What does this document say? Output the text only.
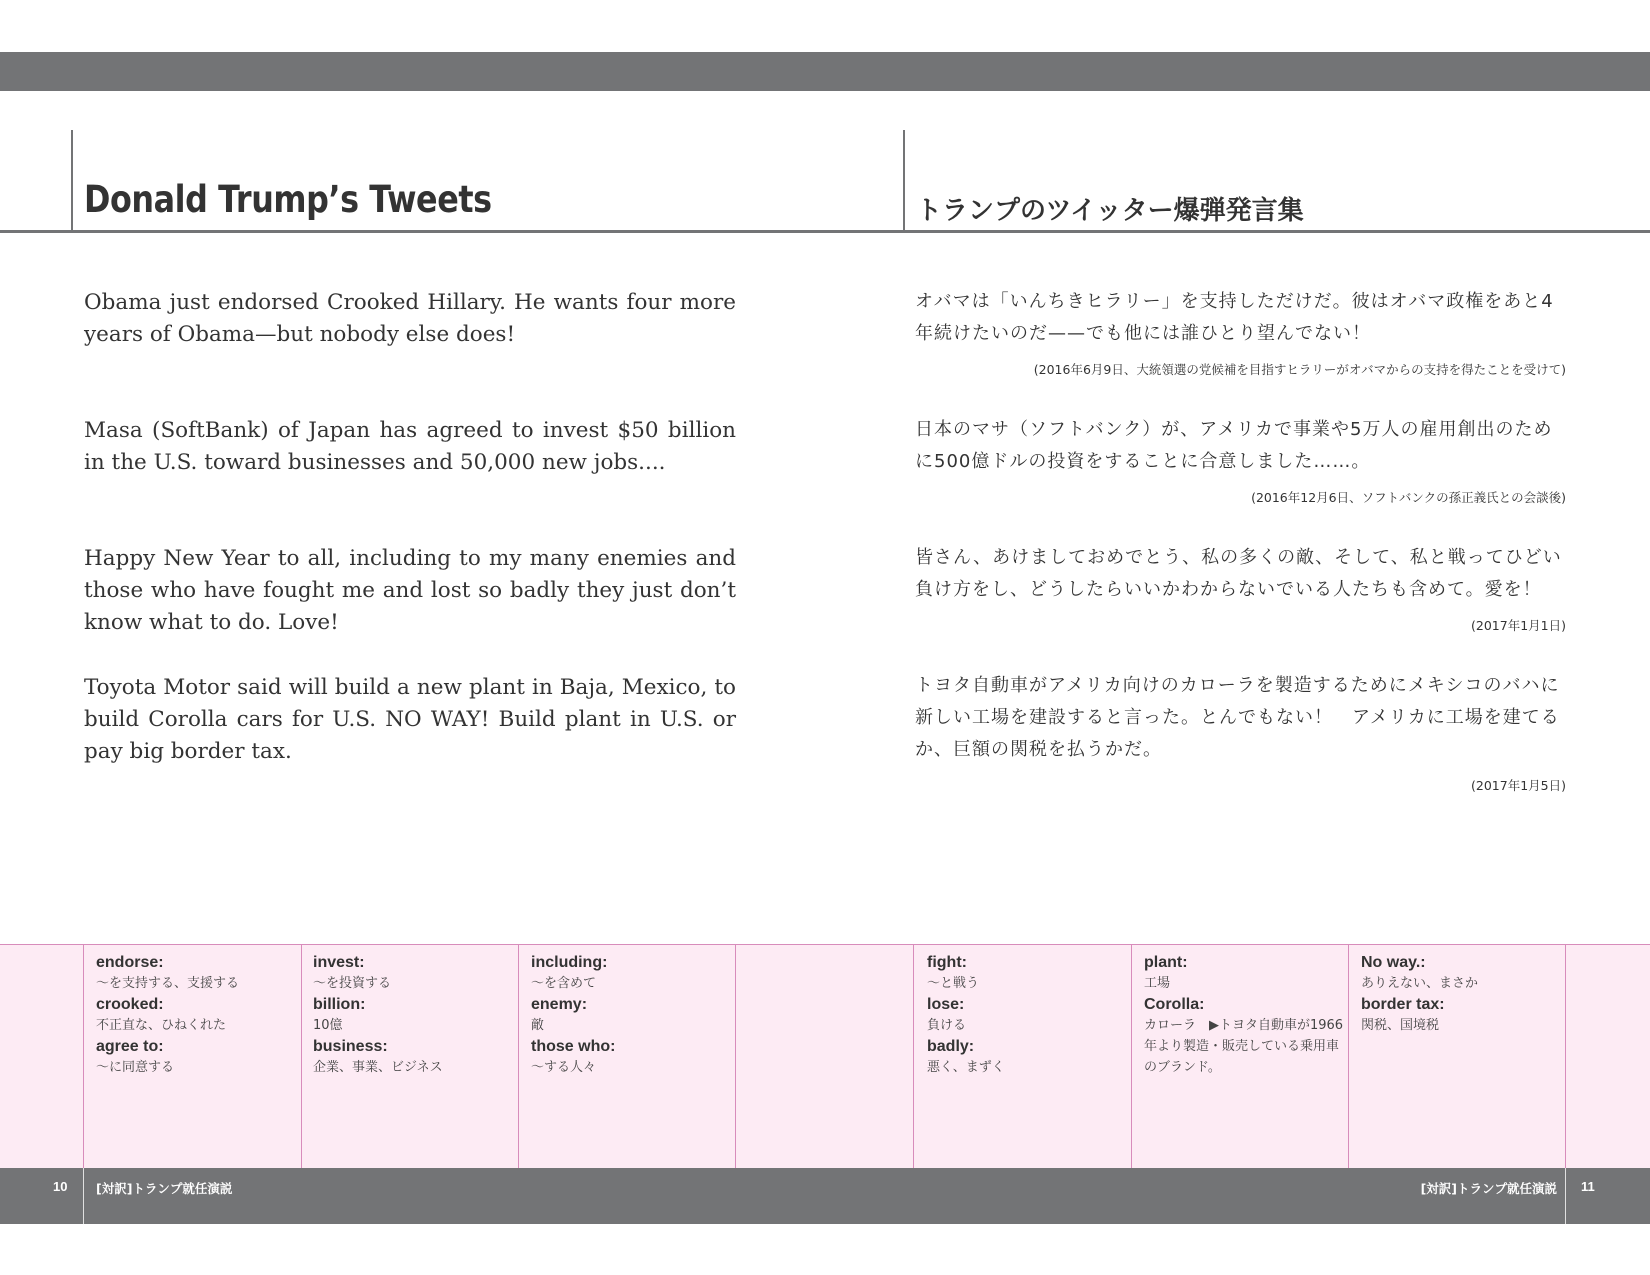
Donald Trump’s Tweets	トランプのツイッター爆弾発言集
Obama just endorsed Crooked Hillary. He wants four more years of Obama—but nobody else does!
Masa (SoftBank) of Japan has agreed to invest $50 billion in the U.S. toward businesses and 50,000 new jobs....
Happy New Year to all, including to my many enemies and those who have fought me and lost so badly they just don’t know what to do. Love!
Toyota Motor said will build a new plant in Baja, Mexico, to build Corolla cars for U.S. NO WAY! Build plant in U.S. or pay big border tax.
オバマは「いんちきヒラリー」を支持しただけだ。彼はオバマ政権をあと4年続けたいのだ——でも他には誰ひとり望んでない！
(2016年6月9日、大統領選の党候補を目指すヒラリーがオバマからの支持を得たことを受けて)
日本のマサ（ソフトバンク）が、アメリカで事業や5万人の雇用創出のために500億ドルの投資をすることに合意しました……。
(2016年12月6日、ソフトバンクの孫正義氏との会談後)
皆さん、あけましておめでとう、私の多くの敵、そして、私と戦ってひどい負け方をし、どうしたらいいかわからないでいる人たちも含めて。愛を！
(2017年1月1日)
トヨタ自動車がアメリカ向けのカローラを製造するためにメキシコのバハに新しい工場を建設すると言った。とんでもない！　アメリカに工場を建てるか、巨額の関税を払うかだ。
(2017年1月5日)
endorse:
〜を支持する、支援する
crooked:
不正直な、ひねくれた
agree to:
〜に同意する
invest:
〜を投資する
billion:
10億
business:
企業、事業、ビジネス
including:
〜を含めて
enemy:
敵
those who:
〜する人々
fight:
〜と戦う
lose:
負ける
badly:
悪く、まずく
plant:
工場
Corolla:
カローラ　▶トヨタ自動車が1966年より製造・販売している乗用車のブランド。
No way.:
ありえない、まさか
border tax:
関税、国境税
10 [対訳]トランプ就任演説	[対訳]トランプ就任演説 11
